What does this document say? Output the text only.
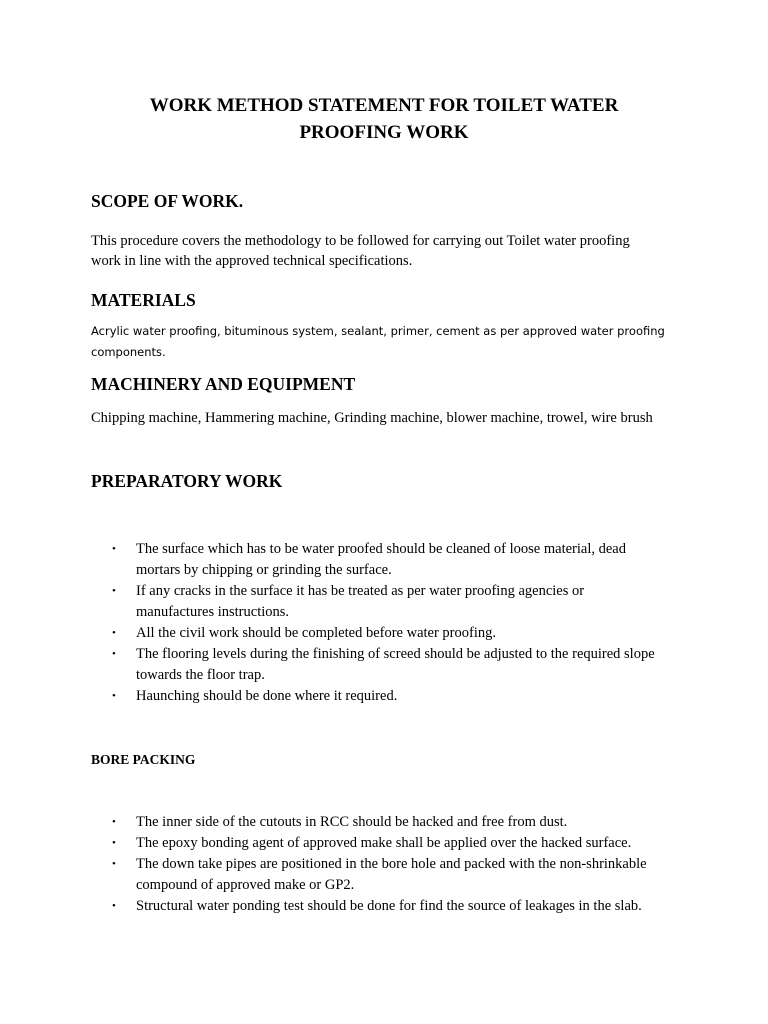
WORK METHOD STATEMENT FOR TOILET WATER
PROOFING WORK
SCOPE OF WORK.
This procedure covers the methodology to be followed for carrying out Toilet water proofing
work in line with the approved technical specifications.
MATERIALS
Acrylic water proofing, bituminous system, sealant, primer, cement as per approved water proofing
components.
MACHINERY AND EQUIPMENT
Chipping machine, Hammering machine, Grinding machine, blower machine, trowel, wire brush
PREPARATORY WORK
• The surface which has to be water proofed should be cleaned of loose material, dead
mortars by chipping or grinding the surface.
• If any cracks in the surface it has be treated as per water proofing agencies or
manufactures instructions.
• All the civil work should be completed before water proofing.
• The flooring levels during the finishing of screed should be adjusted to the required slope
towards the floor trap.
• Haunching should be done where it required.
BORE PACKING
• The inner side of the cutouts in RCC should be hacked and free from dust.
• The epoxy bonding agent of approved make shall be applied over the hacked surface.
• The down take pipes are positioned in the bore hole and packed with the non-shrinkable
compound of approved make or GP2.
• Structural water ponding test should be done for find the source of leakages in the slab.
